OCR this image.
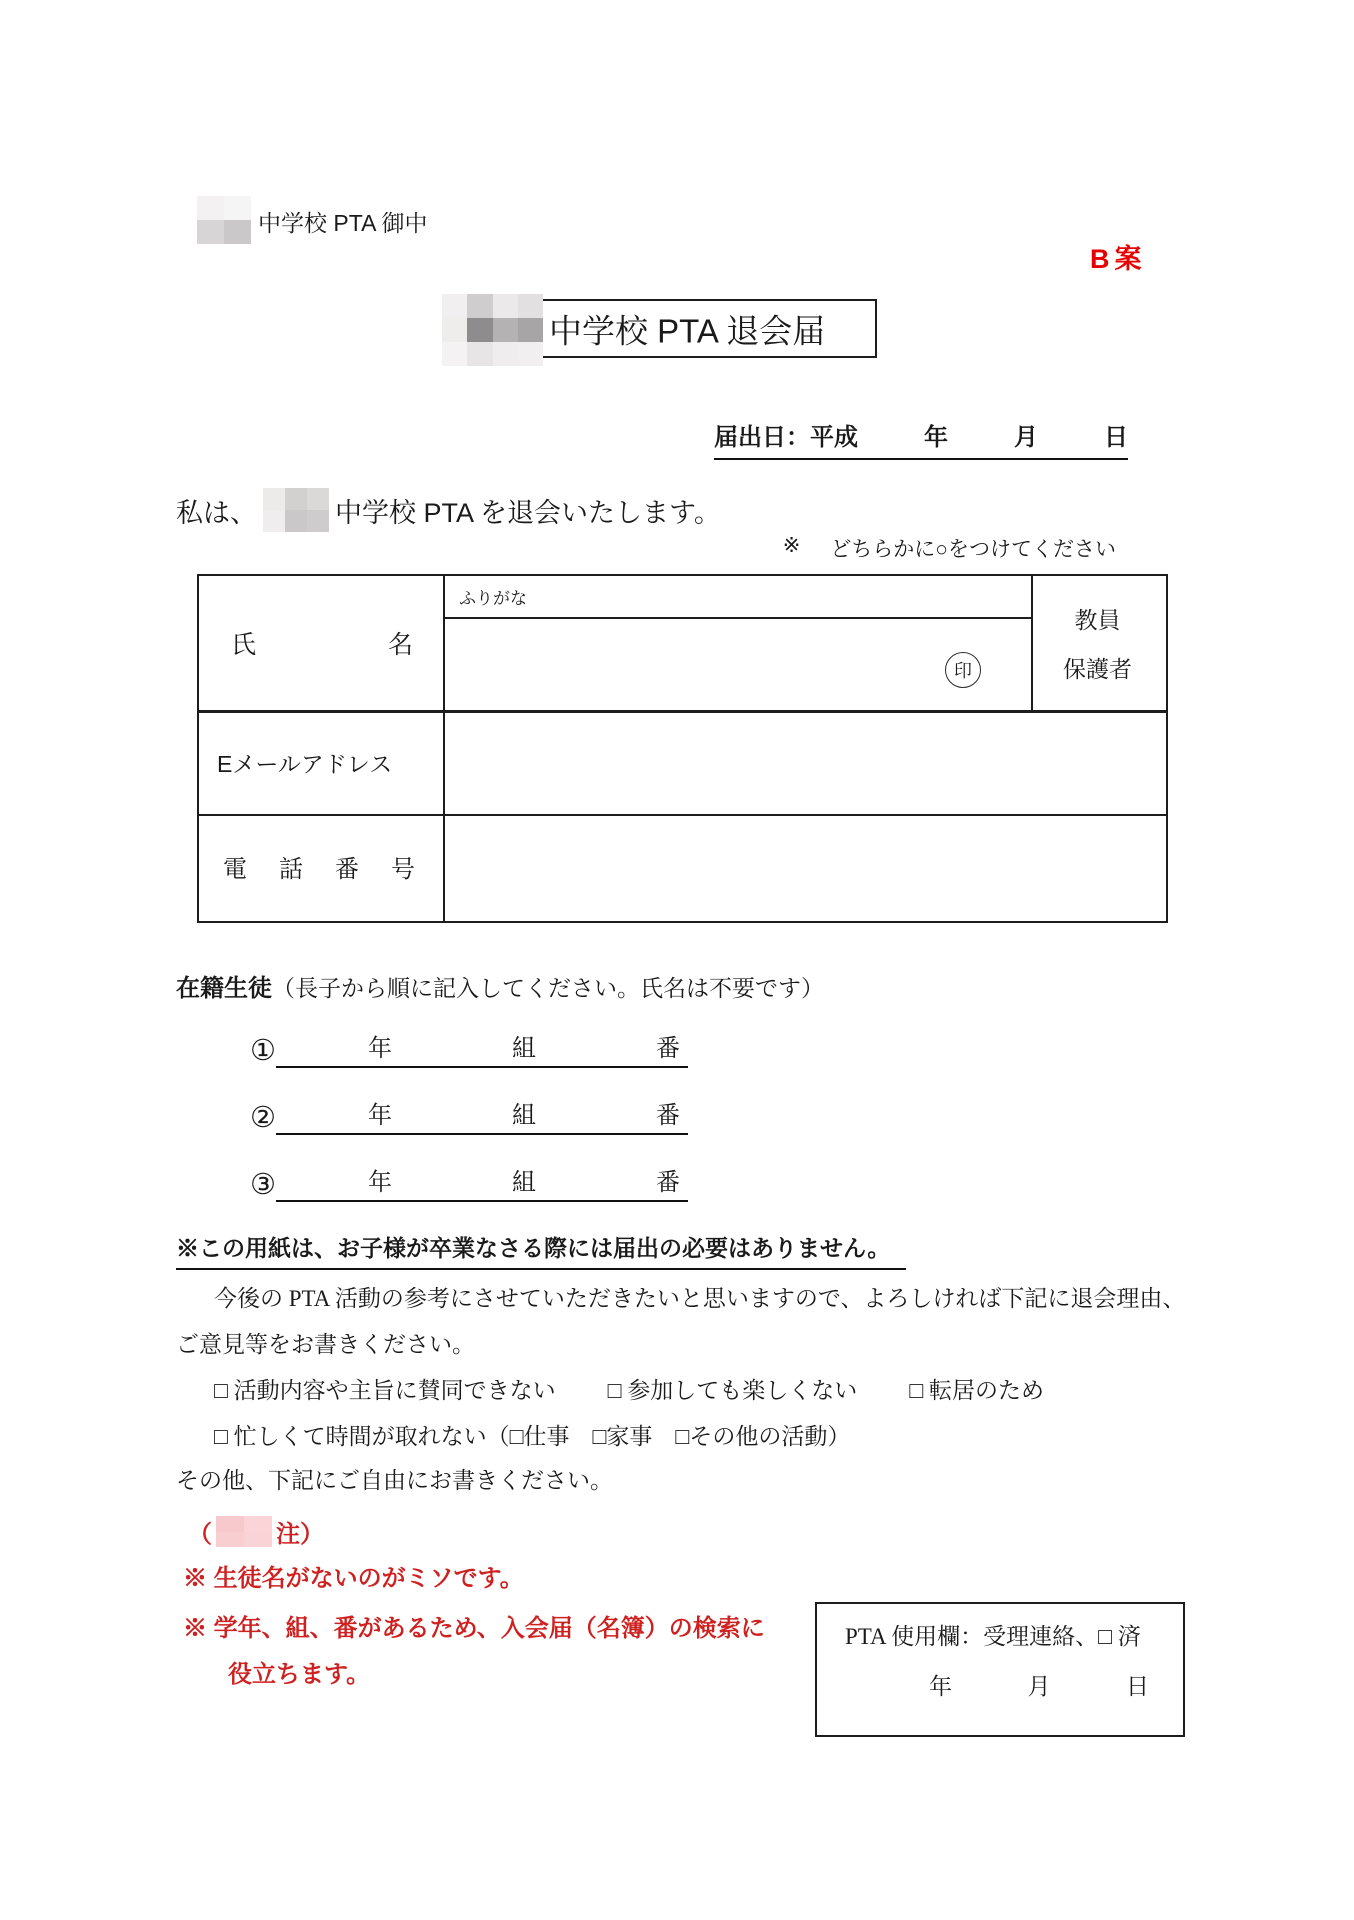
中学校 PTA 御中
B案
中学校 PTA 退会届
届出日：平成	年	月	日
私は、	中学校 PTA を退会いたします。
※ どちらかに○をつけてください
氏	名
ふりがな
印
教員
保護者
Eメールアドレス
電 話 番 号
在籍生徒 （長子から順に記入してください。氏名は不要です）
①	年	組	番
②	年	組	番
③	年	組	番
※この用紙は、お子様が卒業なさる際には届出の必要はありません。
今後の PTA 活動の参考にさせていただきたいと思いますので、よろしければ下記に退会理由、
ご意見等をお書きください。
□ 活動内容や主旨に賛同できない □ 参加しても楽しくない □ 転居のため
□ 忙しくて時間が取れない（□仕事　□家事　□その他の活動）
その他、下記にご自由にお書きください。
（	注）
※ 生徒名がないのがミソです。
※ 学年、組、番があるため、入会届（名簿）の検索に
役立ちます。
PTA 使用欄：受理連絡、□ 済
年	月	日
